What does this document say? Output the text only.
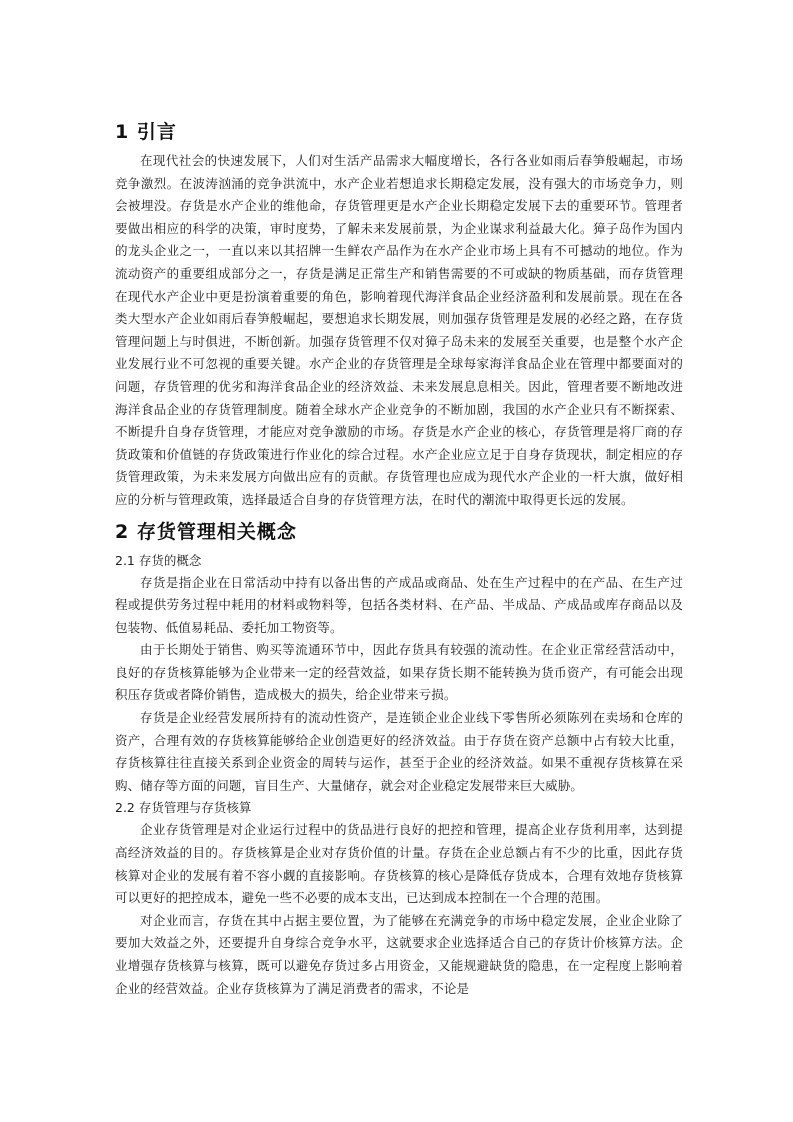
1 引言

在现代社会的快速发展下，人们对生活产品需求大幅度增长，各行各业如雨后春笋般崛起，市场竞争激烈。在波涛汹涌的竞争洪流中，水产企业若想追求长期稳定发展，没有强大的市场竞争力，则会被埋没。存货是水产企业的维他命，存货管理更是水产企业长期稳定发展下去的重要环节。管理者要做出相应的科学的决策，审时度势，了解未来发展前景，为企业谋求利益最大化。獐子岛作为国内的龙头企业之一，一直以来以其招牌一生鲜农产品作为在水产企业市场上具有不可撼动的地位。作为流动资产的重要组成部分之一，存货是满足正常生产和销售需要的不可或缺的物质基础，而存货管理在现代水产企业中更是扮演着重要的角色，影响着现代海洋食品企业经济盈利和发展前景。现在在各类大型水产企业如雨后春笋般崛起，要想追求长期发展，则加强存货管理是发展的必经之路，在存货管理问题上与时俱进，不断创新。加强存货管理不仅对獐子岛未来的发展至关重要，也是整个水产企业发展行业不可忽视的重要关键。水产企业的存货管理是全球每家海洋食品企业在管理中都要面对的问题，存货管理的优劣和海洋食品企业的经济效益、未来发展息息相关。因此，管理者要不断地改进海洋食品企业的存货管理制度。随着全球水产企业竞争的不断加剧，我国的水产企业只有不断探索、不断提升自身存货管理，才能应对竞争激励的市场。存货是水产企业的核心，存货管理是将厂商的存货政策和价值链的存货政策进行作业化的综合过程。水产企业应立足于自身存货现状，制定相应的存货管理政策，为未来发展方向做出应有的贡献。存货管理也应成为现代水产企业的一杆大旗，做好相应的分析与管理政策，选择最适合自身的存货管理方法，在时代的潮流中取得更长远的发展。

2 存货管理相关概念
2.1 存货的概念

存货是指企业在日常活动中持有以备出售的产成品或商品、处在生产过程中的在产品、在生产过程或提供劳务过程中耗用的材料或物料等，包括各类材料、在产品、半成品、产成品或库存商品以及包装物、低值易耗品、委托加工物资等。

由于长期处于销售、购买等流通环节中，因此存货具有较强的流动性。在企业正常经营活动中，良好的存货核算能够为企业带来一定的经营效益，如果存货长期不能转换为货币资产，有可能会出现积压存货或者降价销售，造成极大的损失，给企业带来亏损。

存货是企业经营发展所持有的流动性资产，是连锁企业企业线下零售所必须陈列在卖场和仓库的资产，合理有效的存货核算能够给企业创造更好的经济效益。由于存货在资产总额中占有较大比重，存货核算往往直接关系到企业资金的周转与运作，甚至于企业的经济效益。如果不重视存货核算在采购、储存等方面的问题，盲目生产、大量储存，就会对企业稳定发展带来巨大威胁。

2.2 存货管理与存货核算

企业存货管理是对企业运行过程中的货品进行良好的把控和管理，提高企业存货利用率，达到提高经济效益的目的。存货核算是企业对存货价值的计量。存货在企业总额占有不少的比重，因此存货核算对企业的发展有着不容小觑的直接影响。存货核算的核心是降低存货成本，合理有效地存货核算可以更好的把控成本，避免一些不必要的成本支出，已达到成本控制在一个合理的范围。

对企业而言，存货在其中占据主要位置，为了能够在充满竞争的市场中稳定发展，企业企业除了要加大效益之外，还要提升自身综合竞争水平，这就要求企业选择适合自己的存货计价核算方法。企业增强存货核算与核算，既可以避免存货过多占用资金，又能规避缺货的隐患，在一定程度上影响着企业的经营效益。企业存货核算为了满足消费者的需求，不论是
